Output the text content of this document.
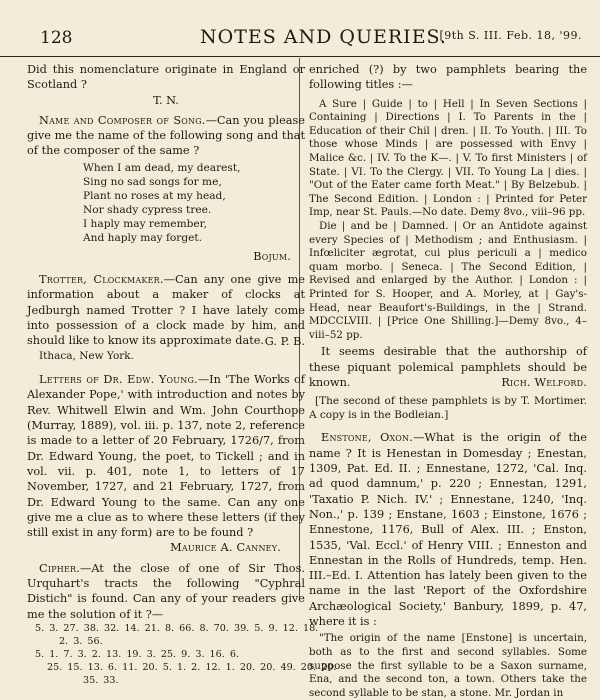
128	NOTES AND QUERIES.
[9th S. III. Feb. 18, '99.

Did this nomenclature originate in England or Scotland ?

T. N.

Name and Composer of Song.—Can you please give me the name of the following song and that of the composer of the same ?

When I am dead, my dearest,
Sing no sad songs for me,
Plant no roses at my head,
Nor shady cypress tree.
I haply may remember,
And haply may forget.

Bojum.

Trotter, Clockmaker.—Can any one give me information about a maker of clocks at Jedburgh named Trotter ? I have lately come into possession of a clock made by him, and should like to know its approximate date. G. P. B.

Ithaca, New York.

Letters of Dr. Edw. Young.—In 'The Works of Alexander Pope,' with introduction and notes by Rev. Whitwell Elwin and Wm. John Courthope (Murray, 1889), vol. iii. p. 137, note 2, reference is made to a letter of 20 February, 1726/7, from Dr. Edward Young, the poet, to Tickell ; and in vol. vii. p. 401, note 1, to letters of 17 November, 1727, and 21 February, 1727, from Dr. Edward Young to the same. Can any one give me a clue as to where these letters (if they still exist in any form) are to be found ?

Maurice A. Canney.

Cipher.—At the close of one of Sir Thos. Urquhart's tracts the following "Cyphral Distich" is found. Can any of your readers give me the solution of it ?—

5. 3. 27. 38. 32. 14. 21. 8. 66. 8. 70. 39. 5. 9. 12. 18.
2. 3. 56.
5. 1. 7. 3. 2. 13. 19. 3. 25. 9. 3. 16. 6.
25. 15. 13. 6. 11. 20. 5. 1. 2. 12. 1. 20. 20. 49. 20. 20.
35. 33.

enriched (?) by two pamphlets bearing the following titles :—

A Sure | Guide | to | Hell | In Seven Sections | Containing | Directions | I. To Parents in the | Education of their Chil | dren. | II. To Youth. | III. To those whose Minds | are possessed with Envy | Malice &c. | IV. To the K—. | V. To first Ministers | of State. | VI. To the Clergy. | VII. To Young La | dies. | "Out of the Eater came forth Meat." | By Belzebub. | The Second Edition. | London : | Printed for Peter Imp, near St. Pauls.—No date. Demy 8vo., viii–96 pp.

Die | and be | Damned. | Or an Antidote against every Species of | Methodism ; and Enthusiasm. | Infœliciter ægrotat, cui plus periculi a | medico quam morbo. | Seneca. | The Second Edition, | Revised and enlarged by the Author. | London : | Printed for S. Hooper, and A. Morley, at | Gay's-Head, near Beaufort's-Buildings, in the | Strand. MDCCLVIII. | [Price One Shilling.]—Demy 8vo., 4–viii–52 pp.

It seems desirable that the authorship of these piquant polemical pamphlets should be known.	Rich. Welford.

[The second of these pamphlets is by T. Mortimer. A copy is in the Bodleian.]

Enstone, Oxon.—What is the origin of the name ? It is Henestan in Domesday ; Enestan, 1309, Pat. Ed. II. ; Ennestane, 1272, 'Cal. Inq. ad quod damnum,' p. 220 ; Ennestan, 1291, 'Taxatio P. Nich. IV.' ; Ennestane, 1240, 'Inq. Non.,' p. 139 ; Enstane, 1603 ; Einstone, 1676 ; Ennestone, 1176, Bull of Alex. III. ; Enston, 1535, 'Val. Eccl.' of Henry VIII. ; Enneston and Ennestan in the Rolls of Hundreds, temp. Hen. III.–Ed. I. Attention has lately been given to the name in the last 'Report of the Oxfordshire Archæological Society,' Banbury, 1899, p. 47, where it is :

"The origin of the name [Enstone] is uncertain, both as to the first and second syllables. Some suppose the first syllable to be a Saxon surname, Ena, and the second ton, a town. Others take the second syllable to be stan, a stone. Mr. Jordan in
